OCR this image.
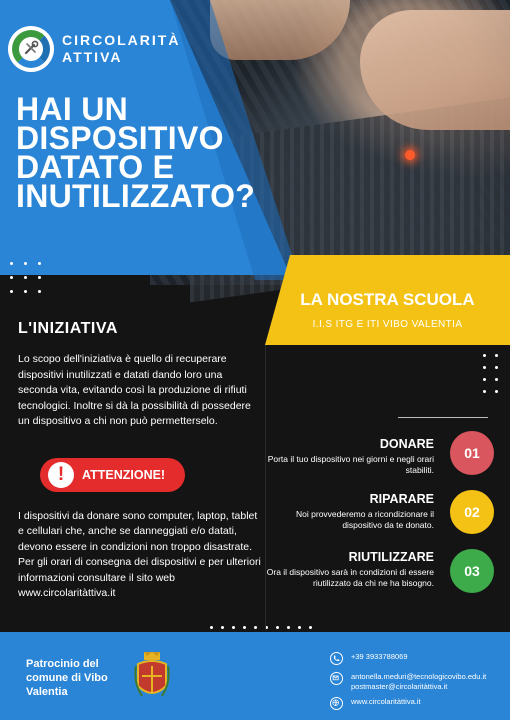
CIRCOLARITÀ
ATTIVA
HAI UN
DISPOSITIVO
DATATO E
INUTILIZZATO?
LA NOSTRA SCUOLA
I.I.S ITG E ITI VIBO VALENTIA
L'INIZIATIVA
Lo scopo dell'iniziativa è quello di recuperare dispositivi inutilizzati e datati dando loro una seconda vita, evitando così la produzione di rifiuti tecnologici. Inoltre si dà la possibilità di possedere un dispositivo a chi non può permetterselo.
!	ATTENZIONE!
I dispositivi da donare sono computer, laptop, tablet e cellulari che, anche se danneggiati e/o datati, devono essere in condizioni non troppo disastrate.
Per gli orari di consegna dei dispositivi e per ulteriori informazioni consultare il sito web www.circolaritàttiva.it
DONARE
Porta il tuo dispositivo nei giorni e negli orari stabiliti.
01
RIPARARE
Noi provvederemo a ricondizionare il dispositivo da te donato.
02
RIUTILIZZARE
Ora il dispositivo sarà in condizioni di essere riutilizzato da chi ne ha bisogno.
03
Patrocinio del comune di Vibo Valentia
+39 3933788069
antonella.meduri@tecnologicovibo.edu.it
postmaster@circolaritàttiva.it
www.circolaritàttiva.it
